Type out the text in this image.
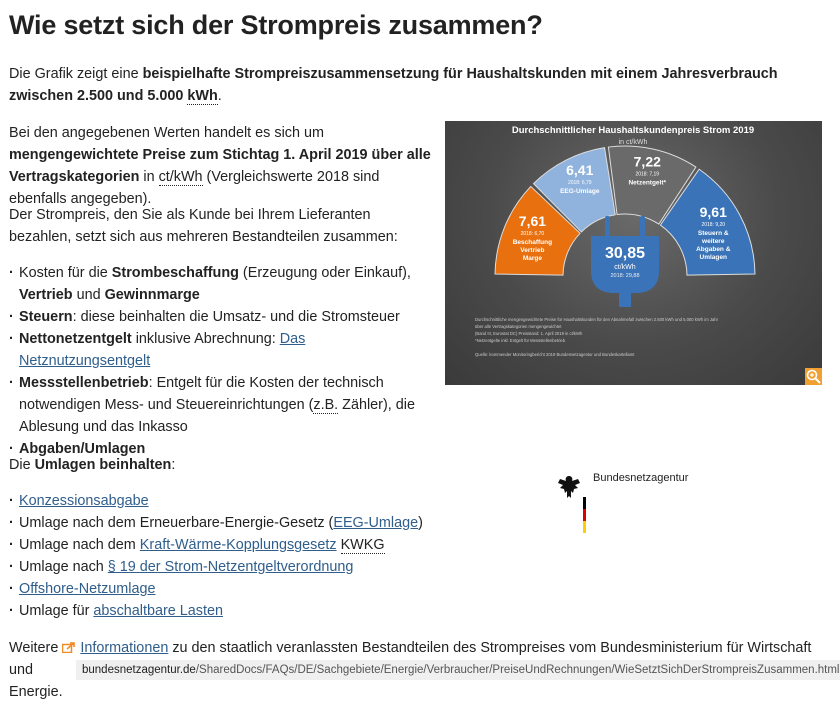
Wie setzt sich der Strompreis zusammen?

Die Grafik zeigt eine beispielhafte Strompreiszusammensetzung für Haushaltskunden mit einem Jahresverbrauch zwischen 2.500 und 5.000 kWh.

Bei den angegebenen Werten handelt es sich um mengengewichtete Preise zum Stichtag 1. April 2019 über alle Vertragskategorien in ct/kWh (Vergleichswerte 2018 sind ebenfalls angegeben).

Der Strompreis, den Sie als Kunde bei Ihrem Lieferanten bezahlen, setzt sich aus mehreren Bestandteilen zusammen:

· Kosten für die Strombeschaffung (Erzeugung oder Einkauf),
Vertrieb und Gewinnmarge
· Steuern: diese beinhalten die Umsatz- und die Stromsteuer
· Nettonetzentgelt inklusive Abrechnung: Das Netznutzungsentgelt
· Messstellenbetrieb: Entgelt für die Kosten der technisch
notwendigen Mess- und Steuereinrichtungen (z.B. Zähler), die
Ablesung und das Inkasso
· Abgaben/Umlagen

Die Umlagen beinhalten:

· Konzessionsabgabe
· Umlage nach dem Erneuerbare-Energie-Gesetz (EEG-Umlage)
· Umlage nach dem Kraft-Wärme-Kopplungsgesetz KWKG
· Umlage nach § 19 der Strom-Netzentgeltverordnung
· Offshore-Netzumlage
· Umlage für abschaltbare Lasten

Weitere Informationen zu den staatlich veranlassten Bestandteilen des Strompreises vom Bundesministerium für Wirtschaft und
Energie.

bundesnetzagentur.de/SharedDocs/FAQs/DE/Sachgebiete/Energie/Verbraucher/PreiseUndRechnungen/WieSetztSichDerStrompreisZusammen.html
Durchschnittlicher Haushaltskundenpreis Strom 2019
in ct/kWh
7,61
2018: 6,70
Beschaffung
Vertrieb
Marge
6,41
2018: 6,79
EEG-Umlage
7,22
2018: 7,19
Netzentgelt*
9,61
2018: 9,20
Steuern &
weitere
Abgaben &
Umlagen
30,85
ct/kWh
2018: 29,88
Durchschnittliche mengengewichtete Preise für Haushaltskunden für den Abnahmefall zwischen 2.500 kWh und 5.000 kWh im Jahr
über alle Vertragskategorien mengengewichtet
(Band III, Eurostat DC) Preisstand: 1. April 2019 in ct/kWh
*Netzentgelte inkl. Entgelt für Messstellenbetrieb
Quelle: kommender Monitoringbericht 2019 Bundesnetzagentur und Bundeskartellamt
Bundesnetzagentur
